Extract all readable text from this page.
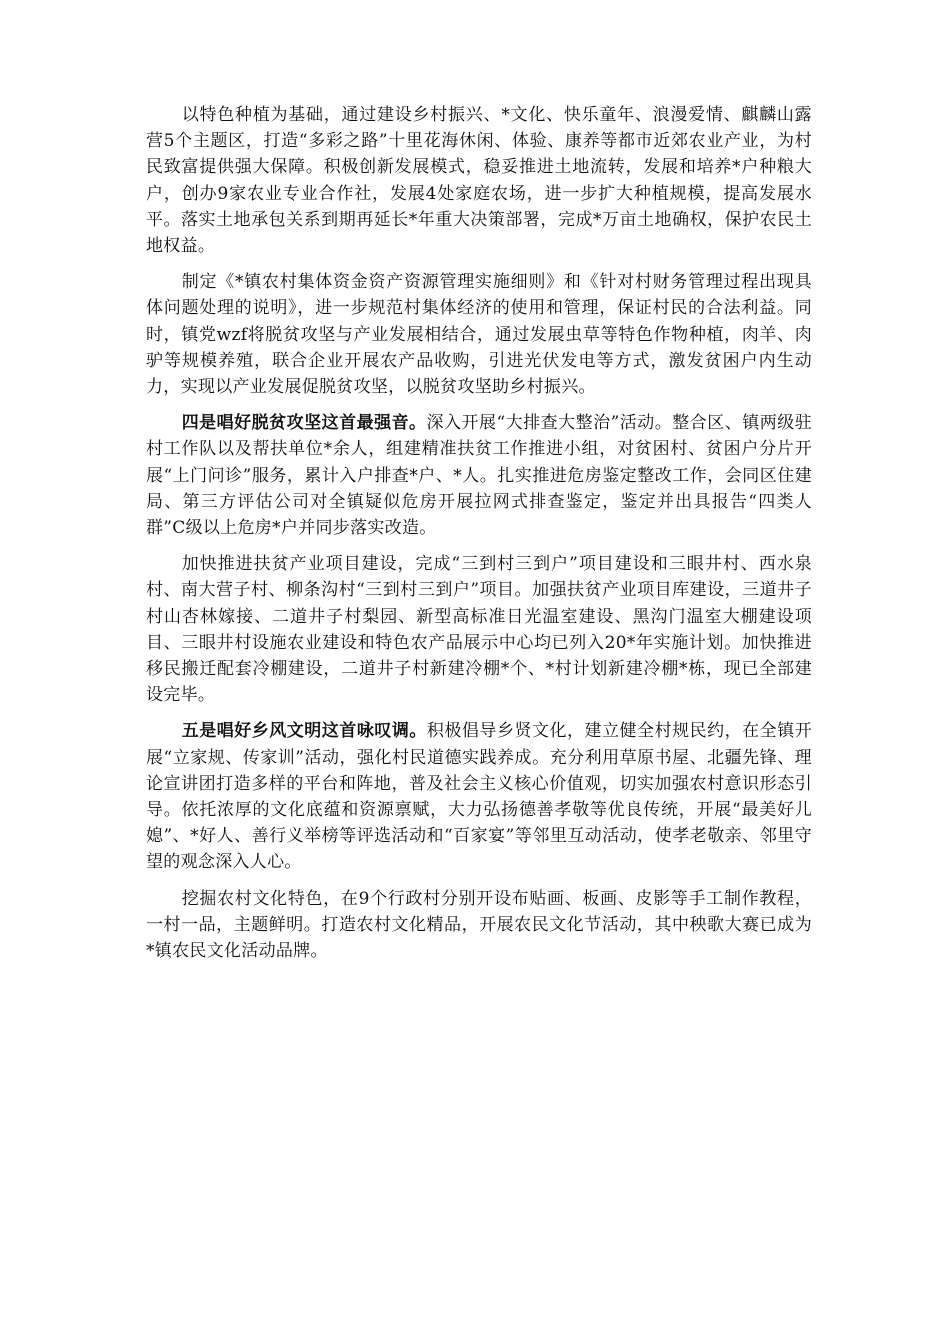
以特色种植为基础，通过建设乡村振兴、*文化、快乐童年、浪漫爱情、麒麟山露营5个主题区，打造“多彩之路”十里花海休闲、体验、康养等都市近郊农业产业，为村民致富提供强大保障。积极创新发展模式，稳妥推进土地流转，发展和培养*户种粮大户，创办9家农业专业合作社，发展4处家庭农场，进一步扩大种植规模，提高发展水平。落实土地承包关系到期再延长*年重大决策部署，完成*万亩土地确权，保护农民土地权益。

制定《*镇农村集体资金资产资源管理实施细则》和《针对村财务管理过程出现具体问题处理的说明》，进一步规范村集体经济的使用和管理，保证村民的合法利益。同时，镇党wzf将脱贫攻坚与产业发展相结合，通过发展虫草等特色作物种植，肉羊、肉驴等规模养殖，联合企业开展农产品收购，引进光伏发电等方式，激发贫困户内生动力，实现以产业发展促脱贫攻坚，以脱贫攻坚助乡村振兴。

四是唱好脱贫攻坚这首最强音。深入开展“大排查大整治”活动。整合区、镇两级驻村工作队以及帮扶单位*余人，组建精准扶贫工作推进小组，对贫困村、贫困户分片开展“上门问诊”服务，累计入户排查*户、*人。扎实推进危房鉴定整改工作，会同区住建局、第三方评估公司对全镇疑似危房开展拉网式排查鉴定，鉴定并出具报告“四类人群”C级以上危房*户并同步落实改造。

加快推进扶贫产业项目建设，完成“三到村三到户”项目建设和三眼井村、西水泉村、南大营子村、柳条沟村“三到村三到户”项目。加强扶贫产业项目库建设，三道井子村山杏林嫁接、二道井子村梨园、新型高标准日光温室建设、黑沟门温室大棚建设项目、三眼井村设施农业建设和特色农产品展示中心均已列入20*年实施计划。加快推进移民搬迁配套冷棚建设，二道井子村新建冷棚*个、*村计划新建冷棚*栋，现已全部建设完毕。

五是唱好乡风文明这首咏叹调。积极倡导乡贤文化，建立健全村规民约，在全镇开展“立家规、传家训”活动，强化村民道德实践养成。充分利用草原书屋、北疆先锋、理论宣讲团打造多样的平台和阵地，普及社会主义核心价值观，切实加强农村意识形态引导。依托浓厚的文化底蕴和资源禀赋，大力弘扬德善孝敬等优良传统，开展“最美好儿媳”、*好人、善行义举榜等评选活动和“百家宴”等邻里互动活动，使孝老敬亲、邻里守望的观念深入人心。

挖掘农村文化特色，在9个行政村分别开设布贴画、板画、皮影等手工制作教程，一村一品，主题鲜明。打造农村文化精品，开展农民文化节活动，其中秧歌大赛已成为*镇农民文化活动品牌。
